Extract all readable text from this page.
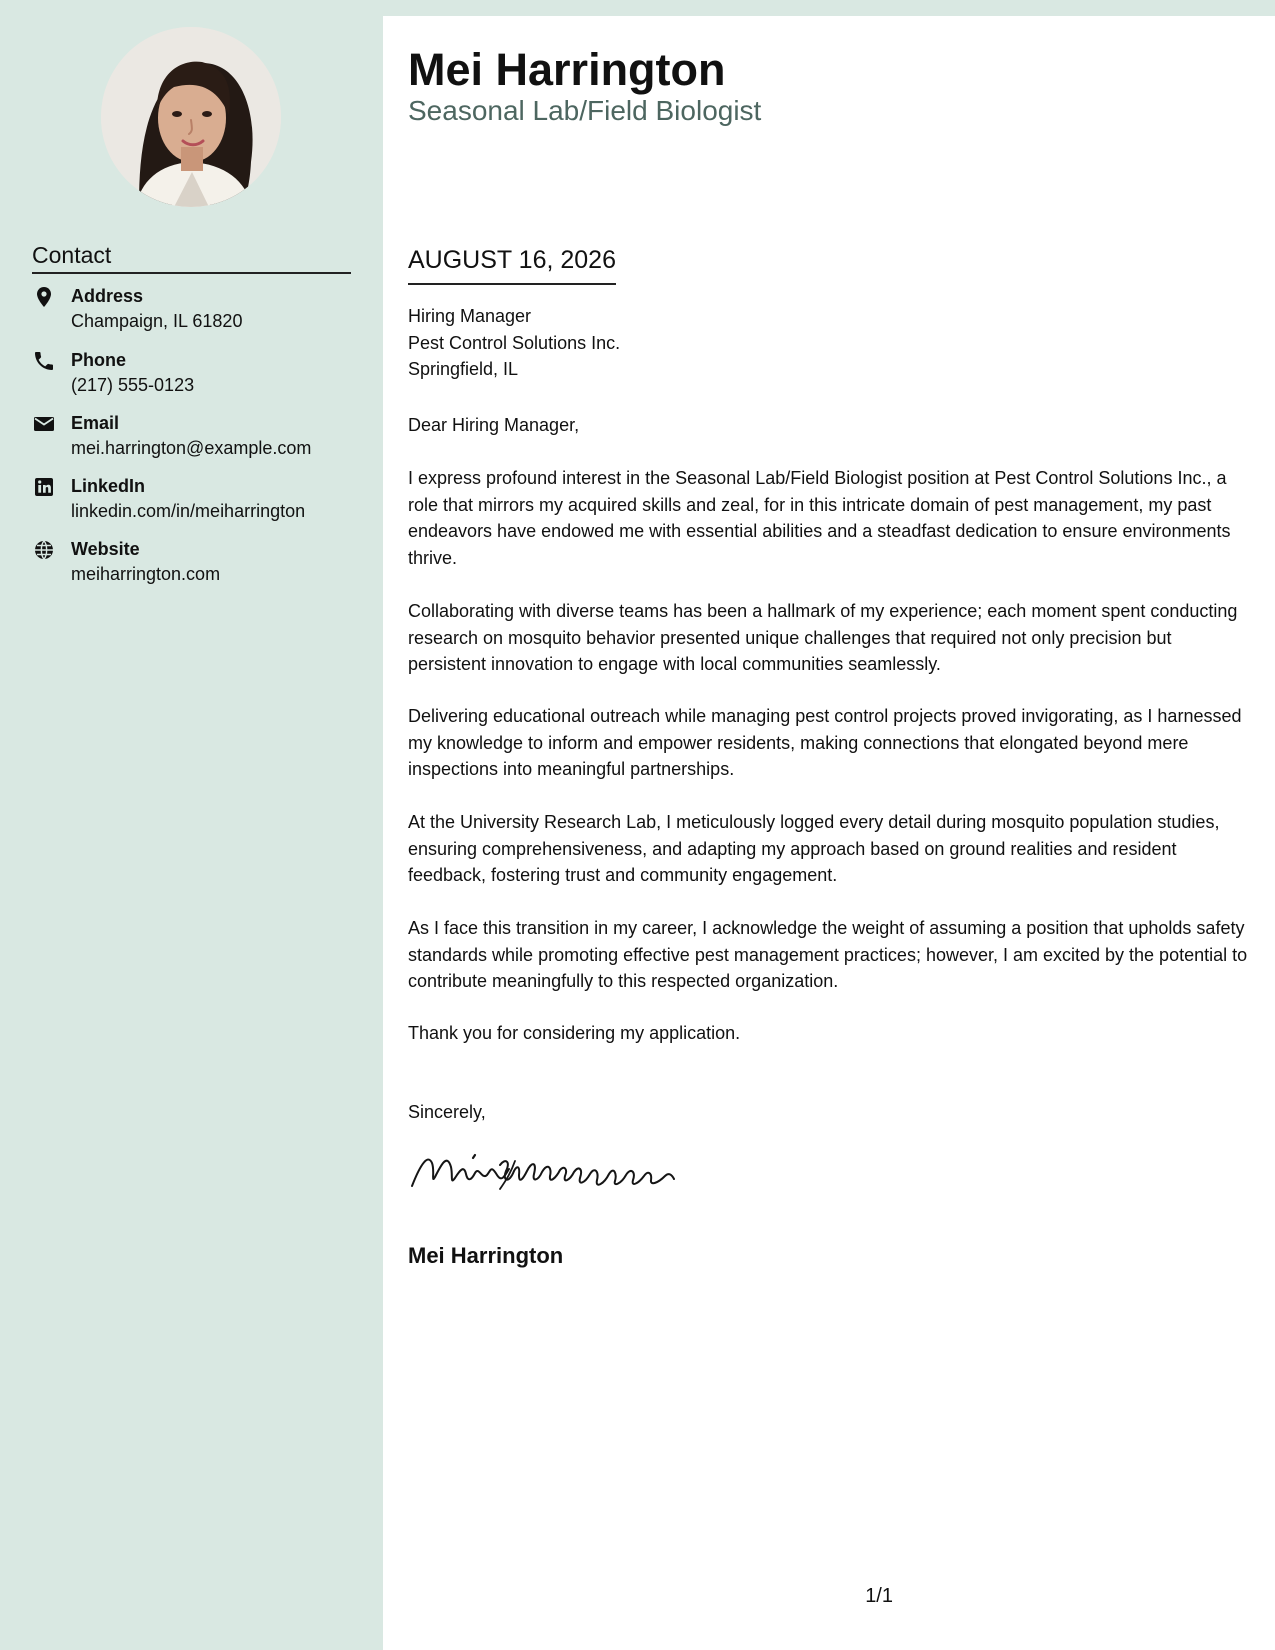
Contact
Address
Champaign, IL 61820
Phone
(217) 555-0123
Email
mei.harrington@example.com
LinkedIn
linkedin.com/in/meiharrington
Website
meiharrington.com
Mei Harrington
Seasonal Lab/Field Biologist
AUGUST 16, 2026
Hiring Manager
Pest Control Solutions Inc.
Springfield, IL
Dear Hiring Manager,
I express profound interest in the Seasonal Lab/Field Biologist position at Pest Control Solutions Inc., a role that mirrors my acquired skills and zeal, for in this intricate domain of pest management, my past endeavors have endowed me with essential abilities and a steadfast dedication to ensure environments thrive.
Collaborating with diverse teams has been a hallmark of my experience; each moment spent conducting research on mosquito behavior presented unique challenges that required not only precision but persistent innovation to engage with local communities seamlessly.
Delivering educational outreach while managing pest control projects proved invigorating, as I harnessed my knowledge to inform and empower residents, making connections that elongated beyond mere inspections into meaningful partnerships.
At the University Research Lab, I meticulously logged every detail during mosquito population studies, ensuring comprehensiveness, and adapting my approach based on ground realities and resident feedback, fostering trust and community engagement.
As I face this transition in my career, I acknowledge the weight of assuming a position that upholds safety standards while promoting effective pest management practices; however, I am excited by the potential to contribute meaningfully to this respected organization.
Thank you for considering my application.
Sincerely,
Mei Harrington
1/1
